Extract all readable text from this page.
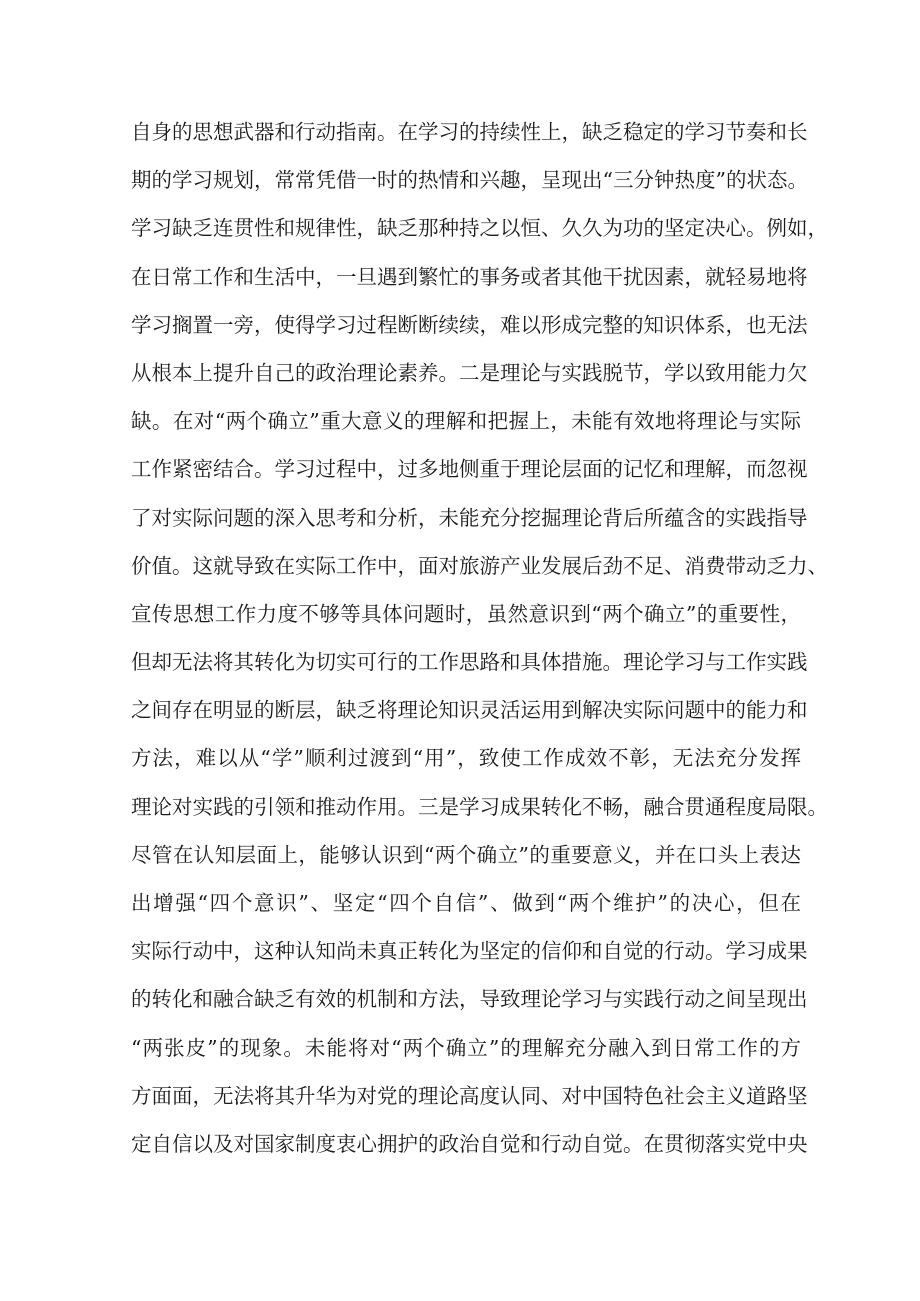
自身的思想武器和行动指南。在学习的持续性上，缺乏稳定的学习节奏和长
期的学习规划，常常凭借一时的热情和兴趣，呈现出“三分钟热度”的状态。
学习缺乏连贯性和规律性，缺乏那种持之以恒、久久为功的坚定决心。例如，
在日常工作和生活中，一旦遇到繁忙的事务或者其他干扰因素，就轻易地将
学习搁置一旁，使得学习过程断断续续，难以形成完整的知识体系，也无法
从根本上提升自己的政治理论素养。二是理论与实践脱节，学以致用能力欠
缺。在对“两个确立”重大意义的理解和把握上，未能有效地将理论与实际
工作紧密结合。学习过程中，过多地侧重于理论层面的记忆和理解，而忽视
了对实际问题的深入思考和分析，未能充分挖掘理论背后所蕴含的实践指导
价值。这就导致在实际工作中，面对旅游产业发展后劲不足、消费带动乏力、
宣传思想工作力度不够等具体问题时，虽然意识到“两个确立”的重要性，
但却无法将其转化为切实可行的工作思路和具体措施。理论学习与工作实践
之间存在明显的断层，缺乏将理论知识灵活运用到解决实际问题中的能力和
方法，难以从“学”顺利过渡到“用”，致使工作成效不彰，无法充分发挥
理论对实践的引领和推动作用。三是学习成果转化不畅，融合贯通程度局限。
尽管在认知层面上，能够认识到“两个确立”的重要意义，并在口头上表达
出增强“四个意识”、坚定“四个自信”、做到“两个维护”的决心，但在
实际行动中，这种认知尚未真正转化为坚定的信仰和自觉的行动。学习成果
的转化和融合缺乏有效的机制和方法，导致理论学习与实践行动之间呈现出
“两张皮”的现象。未能将对“两个确立”的理解充分融入到日常工作的方
方面面，无法将其升华为对党的理论高度认同、对中国特色社会主义道路坚
定自信以及对国家制度衷心拥护的政治自觉和行动自觉。在贯彻落实党中央
